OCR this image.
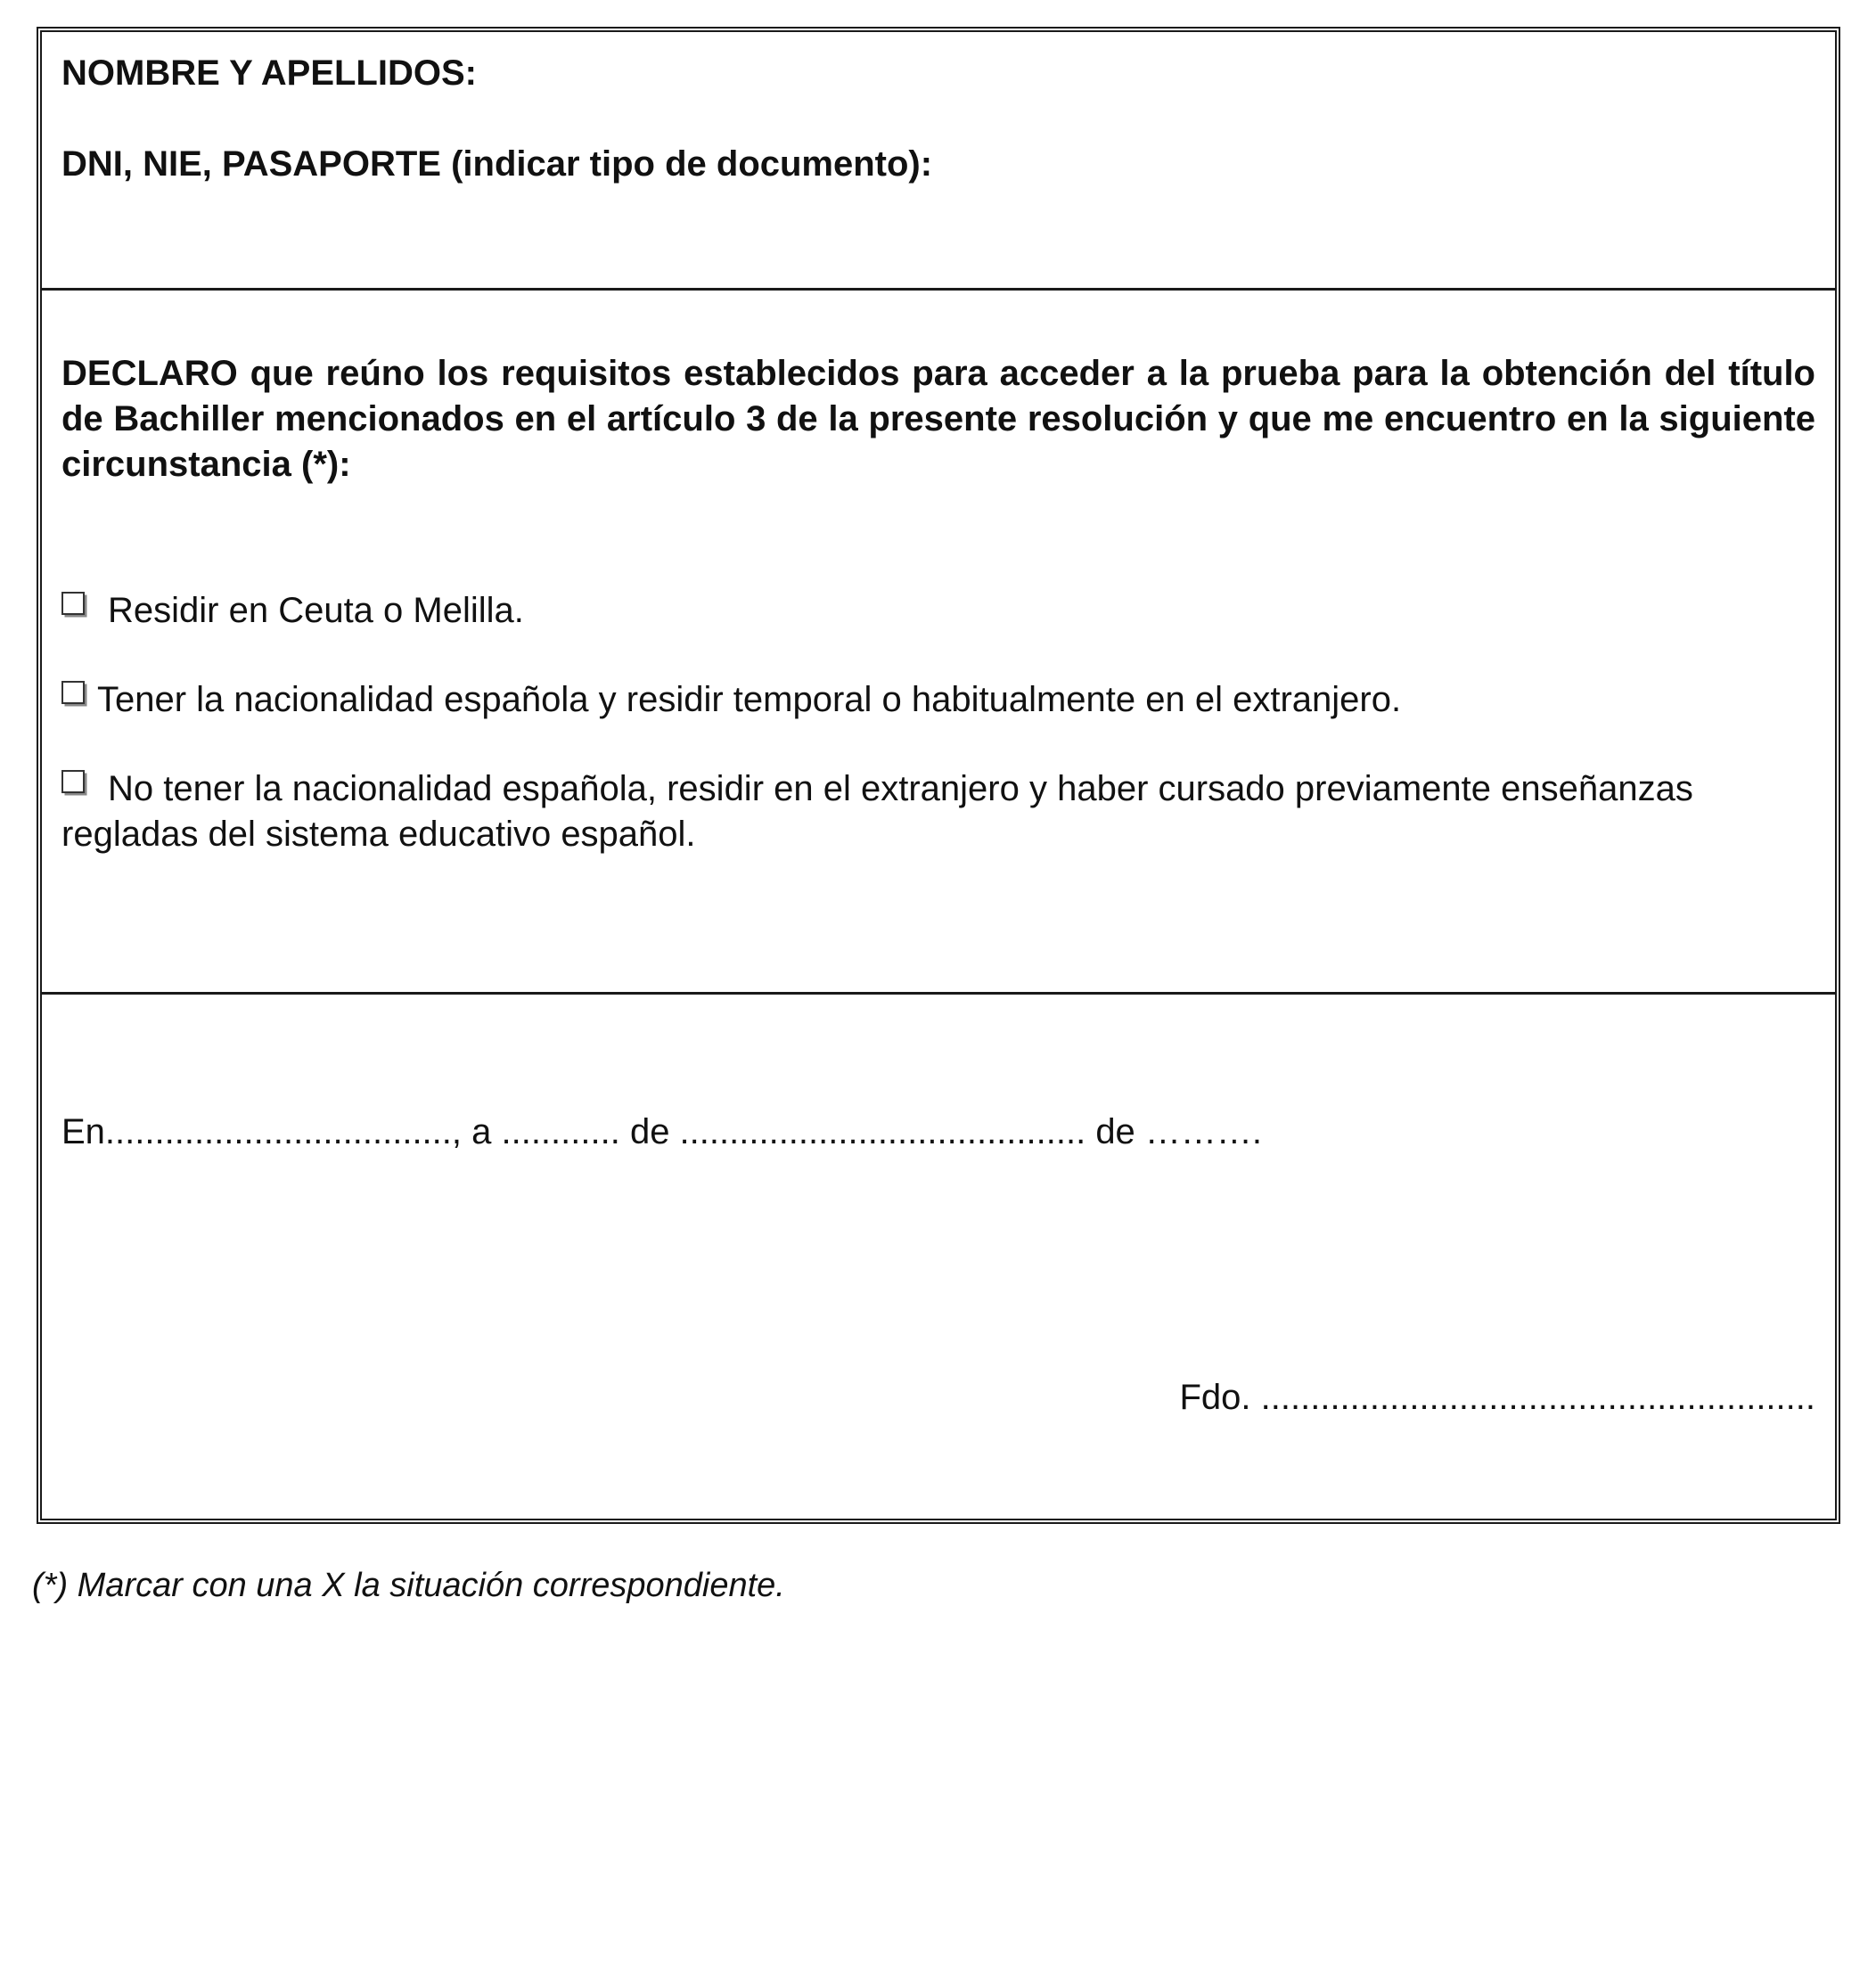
NOMBRE Y APELLIDOS:

DNI, NIE, PASAPORTE (indicar tipo de documento):

DECLARO que reúno los requisitos establecidos para acceder a la prueba para la obtención del título de Bachiller mencionados en el artículo 3 de la presente resolución y que me encuentro en la siguiente circunstancia (*):

Residir en Ceuta o Melilla.

Tener la nacionalidad española y residir temporal o habitualmente en el extranjero.

No tener la nacionalidad española, residir en el extranjero y haber cursado previamente enseñanzas regladas del sistema educativo español.

En..................................., a ............ de ......................................... de ……….

Fdo. ........................................................

(*) Marcar con una X la situación correspondiente.
